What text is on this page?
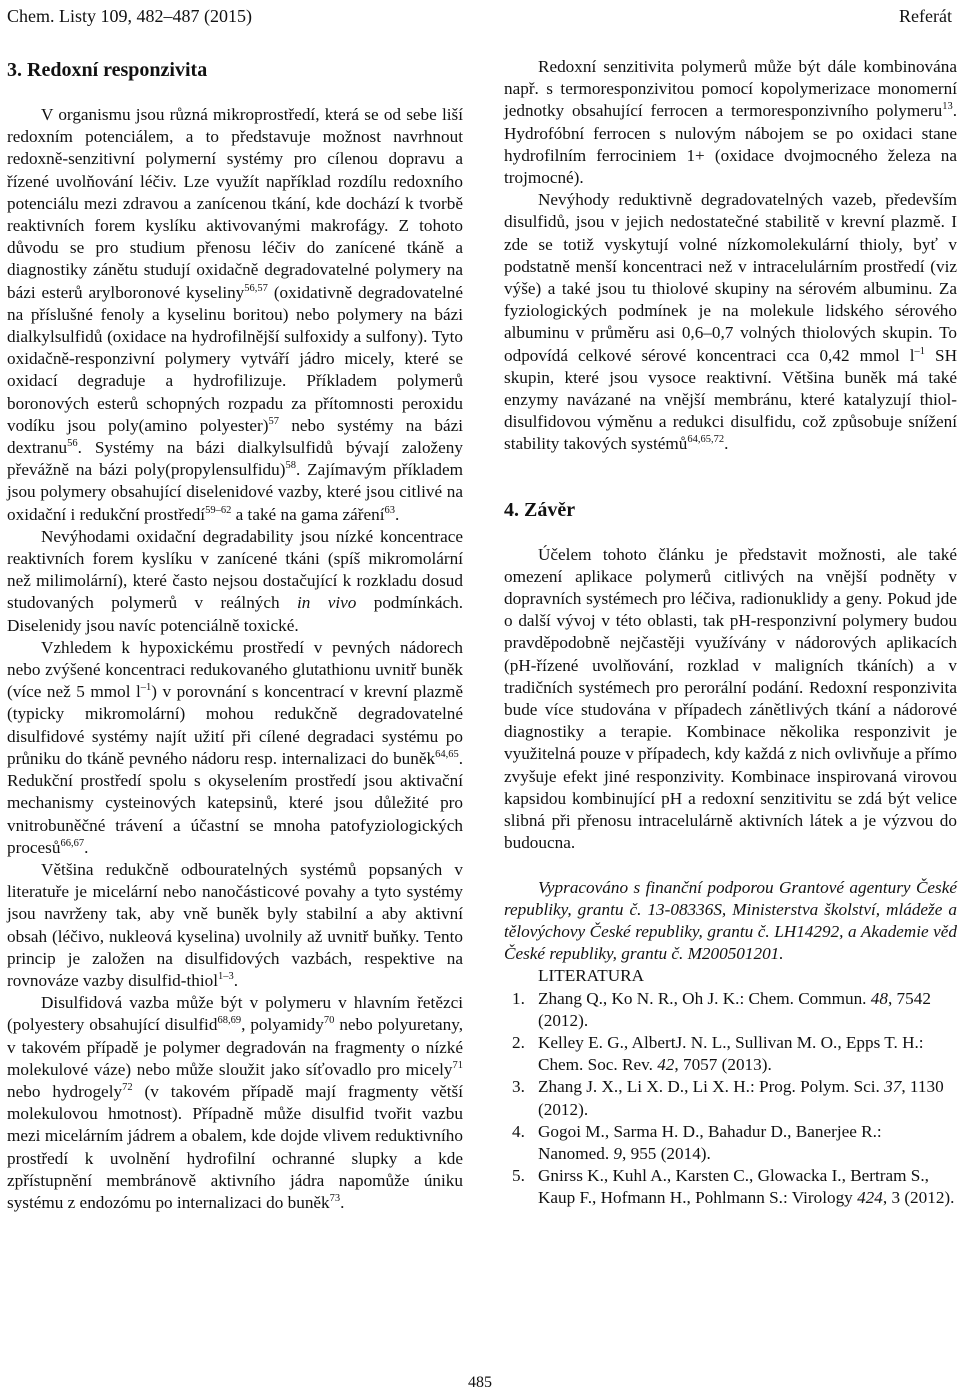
Chem. Listy 109, 482–487 (2015)	Referát
3. Redoxní responzivita

V organismu jsou různá mikroprostředí, která se od sebe liší redoxním potenciálem, a to představuje možnost navrhnout redoxně-senzitivní polymerní systémy pro cílenou dopravu a řízené uvolňování léčiv. Lze využít například rozdílu redoxního potenciálu mezi zdravou a zanícenou tkání, kde dochází k tvorbě reaktivních forem kyslíku aktivovanými makrofágy. Z tohoto důvodu se pro studium přenosu léčiv do zanícené tkáně a diagnostiky zánětu studují oxidačně degradovatelné polymery na bázi esterů arylboronové kyseliny$^{56,57}$ (oxidativně degradovatelné na příslušné fenoly a kyselinu boritou) nebo polymery na bázi dialkylsulfidů (oxidace na hydrofilnější sulfoxidy a sulfony). Tyto oxidačně-responzivní polymery vytváří jádro micely, které se oxidací degraduje a hydrofilizuje. Příkladem polymerů boronových esterů schopných rozpadu za přítomnosti peroxidu vodíku jsou poly(amino polyester)$^{57}$ nebo systémy na bázi dextranu$^{56}$. Systémy na bázi dialkylsulfidů bývají založeny převážně na bázi poly(propylensulfidu)$^{58}$. Zajímavým příkladem jsou polymery obsahující diselenidové vazby, které jsou citlivé na oxidační i redukční prostředí$^{59-62}$ a také na gama záření$^{63}$.

Nevýhodami oxidační degradability jsou nízké koncentrace reaktivních forem kyslíku v zanícené tkáni (spíš mikromolární než milimolární), které často nejsou dostačující k rozkladu dosud studovaných polymerů v reálných in vivo podmínkách. Diselenidy jsou navíc potenciálně toxické.

Vzhledem k hypoxickému prostředí v pevných nádorech nebo zvýšené koncentraci redukovaného glutathionu uvnitř buněk (více než 5 mmol $l^{-1}$) v porovnání s koncentrací v krevní plazmě (typicky mikromolární) mohou redukčně degradovatelné disulfidové systémy najít užití při cílené degradaci systému po průniku do tkáně pevného nádoru resp. internalizaci do buněk$^{64,65}$. Redukční prostředí spolu s okyselením prostředí jsou aktivační mechanismy cysteinových katepsinů, které jsou důležité pro vnitrobuněčné trávení a účastní se mnoha patofyziologických procesů$^{66,67}$.

Většina redukčně odbouratelných systémů popsaných v literatuře je micelární nebo nanočásticové povahy a tyto systémy jsou navrženy tak, aby vně buněk byly stabilní a aby aktivní obsah (léčivo, nukleová kyselina) uvolnily až uvnitř buňky. Tento princip je založen na disulfidových vazbách, respektive na rovnováze vazby disulfid-thiol$^{1-3}$.

Disulfidová vazba může být v polymeru v hlavním řetězci (polyestery obsahující disulfid$^{68,69}$, polyamidy$^{70}$ nebo polyuretany, v takovém případě je polymer degradován na fragmenty o nízké molekulové váze) nebo může sloužit jako síťovadlo pro micely$^{71}$ nebo hydrogely$^{72}$ (v takovém případě mají fragmenty větší molekulovou hmotnost). Případně může disulfid tvořit vazbu mezi micelárním jádrem a obalem, kde dojde vlivem reduktivního prostředí k uvolnění hydrofilní ochranné slupky a kde zpřístupnění membránově aktivního jádra napomůže úniku systému z endozómu po internalizaci do buněk$^{73}$.

Redoxní senzitivita polymerů může být dále kombinována např. s termoresponzivitou pomocí kopolymerizace monomerní jednotky obsahující ferrocen a termoresponzivního polymeru$^{13}$. Hydrofóbní ferrocen s nulovým nábojem se po oxidaci stane hydrofilním ferrociniem 1+ (oxidace dvojmocného železa na trojmocné).

Nevýhody reduktivně degradovatelných vazeb, především disulfidů, jsou v jejich nedostatečné stabilitě v krevní plazmě. I zde se totiž vyskytují volné nízkomolekulární thioly, byť v podstatně menší koncentraci než v intracelulárním prostředí (viz výše) a také jsou tu thiolové skupiny na sérovém albuminu. Za fyziologických podmínek je na molekule lidského sérového albuminu v průměru asi 0,6–0,7 volných thiolových skupin. To odpovídá celkové sérové koncentraci cca 0,42 mmol $l^{-1}$ SH skupin, které jsou vysoce reaktivní. Většina buněk má také enzymy navázané na vnější membránu, které katalyzují thiol-disulfidovou výměnu a redukci disulfidu, což způsobuje snížení stability takových systémů$^{64,65,72}$.

4. Závěr

Účelem tohoto článku je představit možnosti, ale také omezení aplikace polymerů citlivých na vnější podněty v dopravních systémech pro léčiva, radionuklidy a geny. Pokud jde o další vývoj v této oblasti, tak pH-responzivní polymery budou pravděpodobně nejčastěji využívány v nádorových aplikacích (pH-řízené uvolňování, rozklad v maligních tkáních) a v tradičních systémech pro perorální podání. Redoxní responzivita bude více studována v případech zánětlivých tkání a nádorové diagnostiky a terapie. Kombinace několika responzivit je využitelná pouze v případech, kdy každá z nich ovlivňuje a přímo zvyšuje efekt jiné responzivity. Kombinace inspirovaná virovou kapsidou kombinující pH a redoxní senzitivitu se zdá být velice slibná při přenosu intracelulárně aktivních látek a je výzvou do budoucna.

Vypracováno s finanční podporou Grantové agentury České republiky, grantu č. 13-08336S, Ministerstva školství, mládeže a tělovýchovy České republiky, grantu č. LH14292, a Akademie věd České republiky, grantu č. M200501201.

LITERATURA

1. Zhang Q., Ko N. R., Oh J. K.: Chem. Commun. 48, 7542 (2012).
2. Kelley E. G., AlbertJ. N. L., Sullivan M. O., Epps T. H.: Chem. Soc. Rev. 42, 7057 (2013).
3. Zhang J. X., Li X. D., Li X. H.: Prog. Polym. Sci. 37, 1130 (2012).
4. Gogoi M., Sarma H. D., Bahadur D., Banerjee R.: Nanomed. 9, 955 (2014).
5. Gnirss K., Kuhl A., Karsten C., Glowacka I., Bertram S., Kaup F., Hofmann H., Pohlmann S.: Virology 424, 3 (2012).
485
